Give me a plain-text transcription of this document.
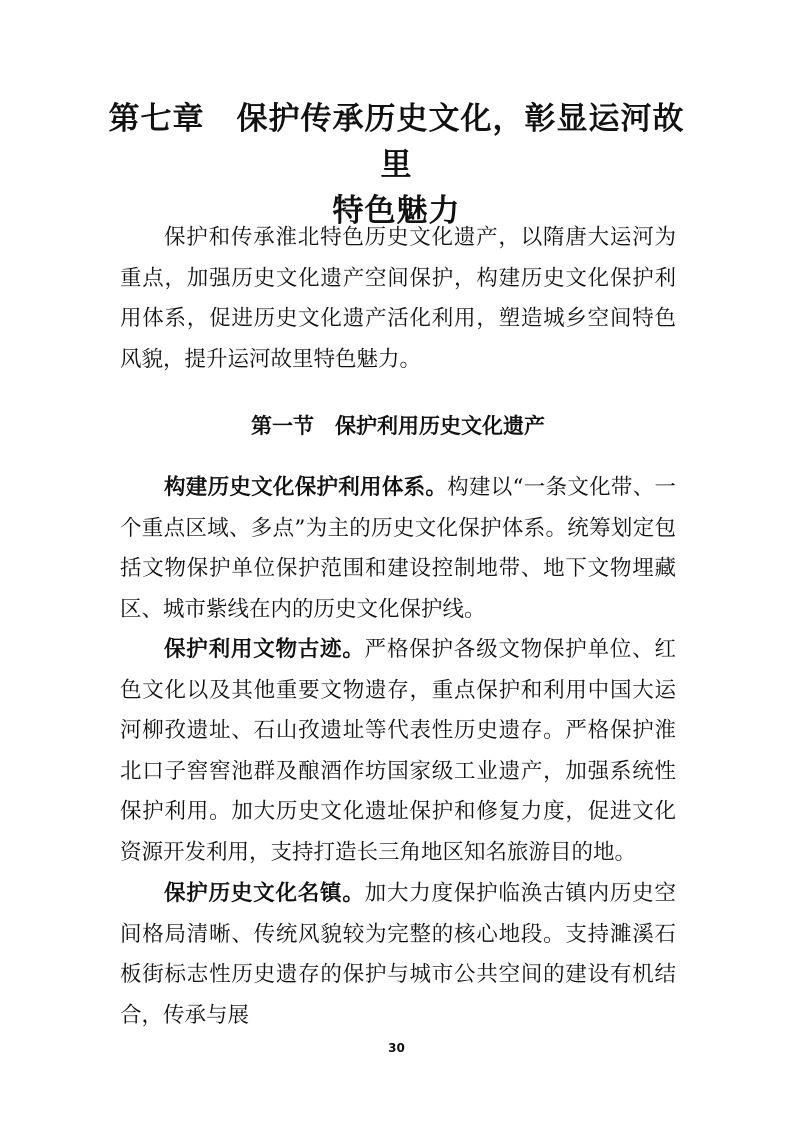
第七章　保护传承历史文化，彰显运河故里
特色魅力

保护和传承淮北特色历史文化遗产，以隋唐大运河为重点，加强历史文化遗产空间保护，构建历史文化保护利用体系，促进历史文化遗产活化利用，塑造城乡空间特色风貌，提升运河故里特色魅力。

第一节　保护利用历史文化遗产

构建历史文化保护利用体系。构建以“一条文化带、一个重点区域、多点”为主的历史文化保护体系。统筹划定包括文物保护单位保护范围和建设控制地带、地下文物埋藏区、城市紫线在内的历史文化保护线。

保护利用文物古迹。严格保护各级文物保护单位、红色文化以及其他重要文物遗存，重点保护和利用中国大运河柳孜遗址、石山孜遗址等代表性历史遗存。严格保护淮北口子窖窖池群及酿酒作坊国家级工业遗产，加强系统性保护利用。加大历史文化遗址保护和修复力度，促进文化资源开发利用，支持打造长三角地区知名旅游目的地。

保护历史文化名镇。加大力度保护临涣古镇内历史空间格局清晰、传统风貌较为完整的核心地段。支持濉溪石板街标志性历史遗存的保护与城市公共空间的建设有机结合，传承与展

30
